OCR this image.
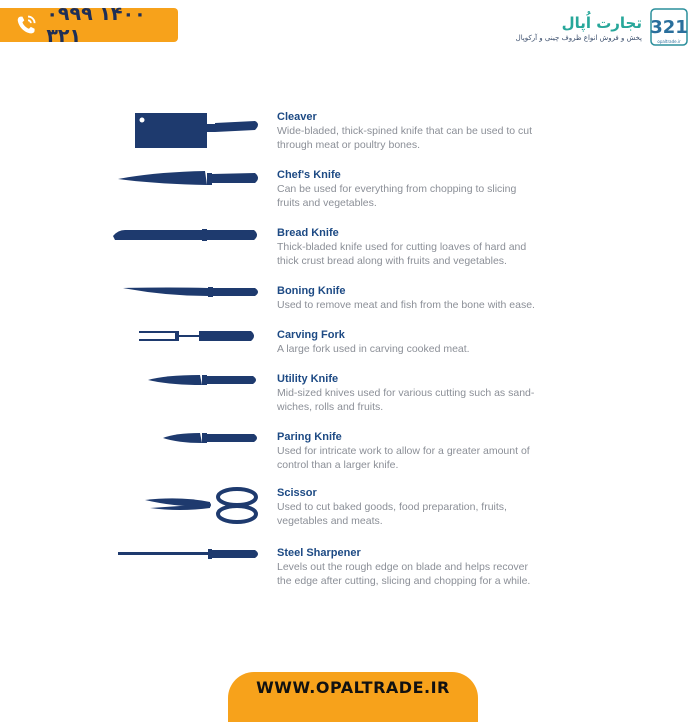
۰۹۹۹ ۱۴۰۰ ۳۲۱
تجارت اُپال
پخش و فروش انواع ظروف چینی و آرکوپال 321
opaltrade.ir
Cleaver
Wide-bladed, thick-spined knife that can be used to cut
through meat or poultry bones.
Chef's Knife
Can be used for everything from chopping to slicing
fruits and vegetables.
Bread Knife
Thick-bladed knife used for cutting loaves of hard and
thick crust bread along with fruits and vegetables.
Boning Knife
Used to remove meat and fish from the bone with ease.
Carving Fork
A large fork used in carving cooked meat.
Utility Knife
Mid-sized knives used for various cutting such as sand-
wiches, rolls and fruits.
Paring Knife
Used for intricate work to allow for a greater amount of
control than a larger knife.
Scissor
Used to cut baked goods, food preparation, fruits,
vegetables and meats.
Steel Sharpener
Levels out the rough edge on blade and helps recover
the edge after cutting, slicing and chopping for a while.
WWW.OPALTRADE.IR
